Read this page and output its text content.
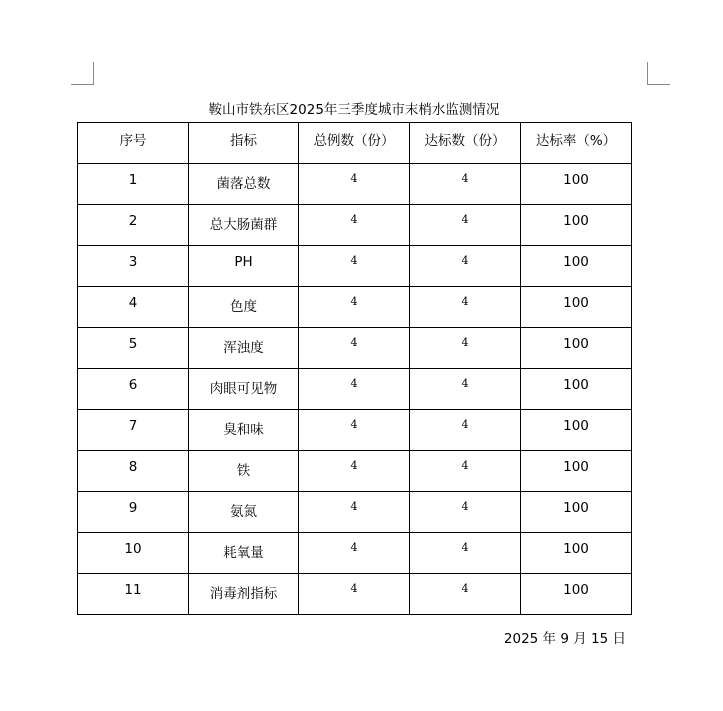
鞍山市铁东区2025年三季度城市末梢水监测情况
序号	指标	总例数（份）	达标数（份）	达标率（%）
1	菌落总数	4	4	100
2	总大肠菌群	4	4	100
3	PH	4	4	100
4	色度	4	4	100
5	浑浊度	4	4	100
6	肉眼可见物	4	4	100
7	臭和味	4	4	100
8	铁	4	4	100
9	氨氮	4	4	100
10	耗氧量	4	4	100
11	消毒剂指标	4	4	100
2025 年 9 月 15 日
